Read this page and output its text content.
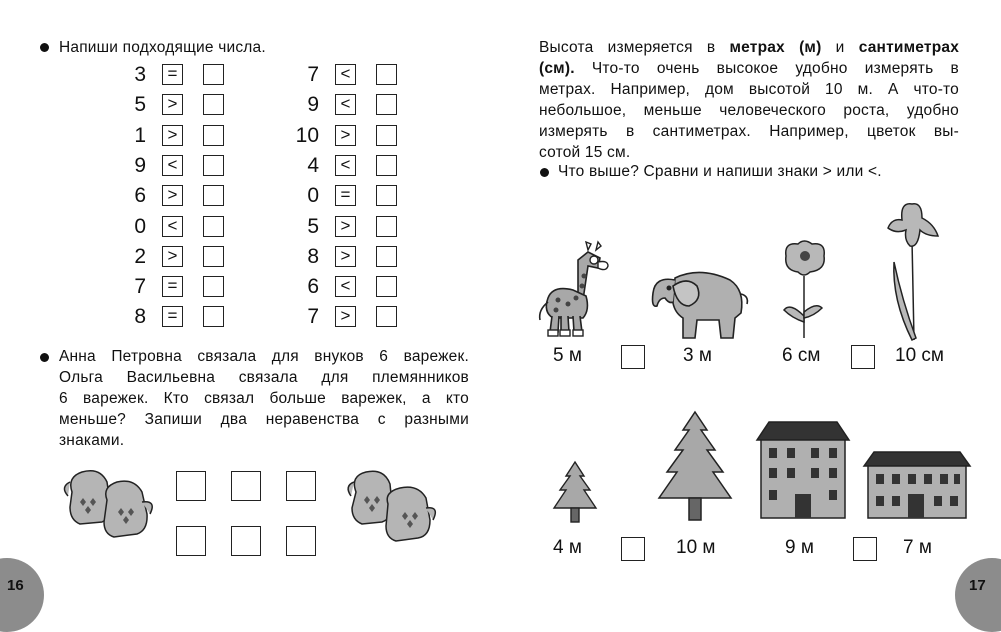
Напиши подходящие числа.
3	=
5	>
1	>
9	<
6	>
0	<
2	>
7	=
8	=
7	<
9	<
10	>
4	<
0	=
5	>
8	>
6	<
7	>
Анна Петровна связала для внуков 6 варежек.
Ольга Васильевна связала для племянников
6 варежек. Кто связал больше варежек, а кто
меньше? Запиши два неравенства с разными
знаками.
16
Высота измеряется в метрах (м) и сантиметрах
(см). Что-то очень высокое удобно измерять в
метрах. Например, дом высотой 10 м. А что-то
небольшое, меньше человеческого роста, удобно
измерять в сантиметрах. Например, цветок вы-
сотой 15 см.
Что выше? Сравни и напиши знаки > или <.
5 м	3 м	6 см	10 см
4 м	10 м	9 м	7 м
17
